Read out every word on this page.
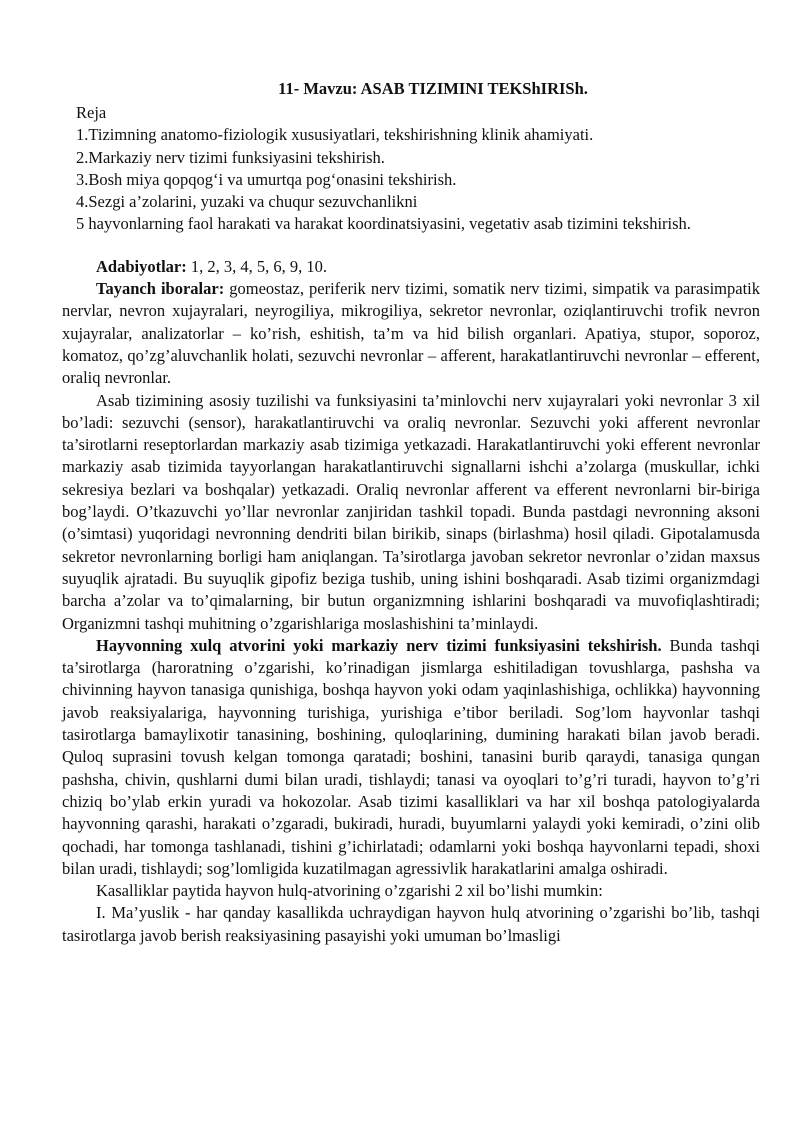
11- Mavzu: ASAB TIZIMINI TEKShIRISh.

Reja

1.Tizimning anatomo-fiziologik xususiyatlari, tekshirishning klinik ahamiyati.

2.Markaziy nerv tizimi funksiyasini tekshirish.

3.Bosh miya qopqog‘i va umurtqa pog‘onasini tekshirish.

4.Sezgi a’zolarini, yuzaki va chuqur sezuvchanlikni

5 hayvonlarning faol harakati va harakat koordinatsiyasini, vegetativ asab tizimini tekshirish.

Adabiyotlar: 1, 2, 3, 4, 5, 6, 9, 10.

Tayanch iboralar: gomeostaz, periferik nerv tizimi, somatik nerv tizimi, simpatik va parasimpatik nervlar, nevron xujayralari, neyrogiliya, mikrogiliya, sekretor nevronlar, oziqlantiruvchi trofik nevron xujayralar, analizatorlar – ko’rish, eshitish, ta’m va hid bilish organlari. Apatiya, stupor, soporoz, komatoz, qo’zg’aluvchanlik holati, sezuvchi nevronlar – afferent, harakatlantiruvchi nevronlar – efferent, oraliq nevronlar.

Asab tizimining asosiy tuzilishi va funksiyasini ta’minlovchi nerv xujayralari yoki nevronlar 3 xil bo’ladi: sezuvchi (sensor), harakatlantiruvchi va oraliq nevronlar. Sezuvchi yoki afferent nevronlar ta’sirotlarni reseptorlardan markaziy asab tizimiga yetkazadi. Harakatlantiruvchi yoki efferent nevronlar markaziy asab tizimida tayyorlangan harakatlantiruvchi signallarni ishchi a’zolarga (muskullar, ichki sekresiya bezlari va boshqalar) yetkazadi. Oraliq nevronlar afferent va efferent nevronlarni bir-biriga bog’laydi. O’tkazuvchi yo’llar nevronlar zanjiridan tashkil topadi. Bunda pastdagi nevronning aksoni (o’simtasi) yuqoridagi nevronning dendriti bilan birikib, sinaps (birlashma) hosil qiladi. Gipotalamusda sekretor nevronlarning borligi ham aniqlangan. Ta’sirotlarga javoban sekretor nevronlar o’zidan maxsus suyuqlik ajratadi. Bu suyuqlik gipofiz beziga tushib, uning ishini boshqaradi. Asab tizimi organizmdagi barcha a’zolar va to’qimalarning, bir butun organizmning ishlarini boshqaradi va muvofiqlashtiradi; Organizmni tashqi muhitning o’zgarishlariga moslashishini ta’minlaydi.

Hayvonning xulq atvorini yoki markaziy nerv tizimi funksiyasini tekshirish. Bunda tashqi ta’sirotlarga (haroratning o’zgarishi, ko’rinadigan jismlarga eshitiladigan tovushlarga, pashsha va chivinning hayvon tanasiga qunishiga, boshqa hayvon yoki odam yaqinlashishiga, ochlikka) hayvonning javob reaksiyalariga, hayvonning turishiga, yurishiga e’tibor beriladi. Sog’lom hayvonlar tashqi tasirotlarga bamaylixotir tanasining, boshining, quloqlarining, dumining harakati bilan javob beradi. Quloq suprasini tovush kelgan tomonga qaratadi; boshini, tanasini burib qaraydi, tanasiga qungan pashsha, chivin, qushlarni dumi bilan uradi, tishlaydi; tanasi va oyoqlari to’g’ri turadi, hayvon to’g’ri chiziq bo’ylab erkin yuradi va hokozolar. Asab tizimi kasalliklari va har xil boshqa patologiyalarda hayvonning qarashi, harakati o’zgaradi, bukiradi, huradi, buyumlarni yalaydi yoki kemiradi, o’zini olib qochadi, har tomonga tashlanadi, tishini g’ichirlatadi; odamlarni yoki boshqa hayvonlarni tepadi, shoxi bilan uradi, tishlaydi; sog’lomligida kuzatilmagan agressivlik harakatlarini amalga oshiradi.

Kasalliklar paytida hayvon hulq-atvorining o’zgarishi 2 xil bo’lishi mumkin:

I. Ma’yuslik - har qanday kasallikda uchraydigan hayvon hulq atvorining o’zgarishi bo’lib, tashqi tasirotlarga javob berish reaksiyasining pasayishi yoki umuman bo’lmasligi
